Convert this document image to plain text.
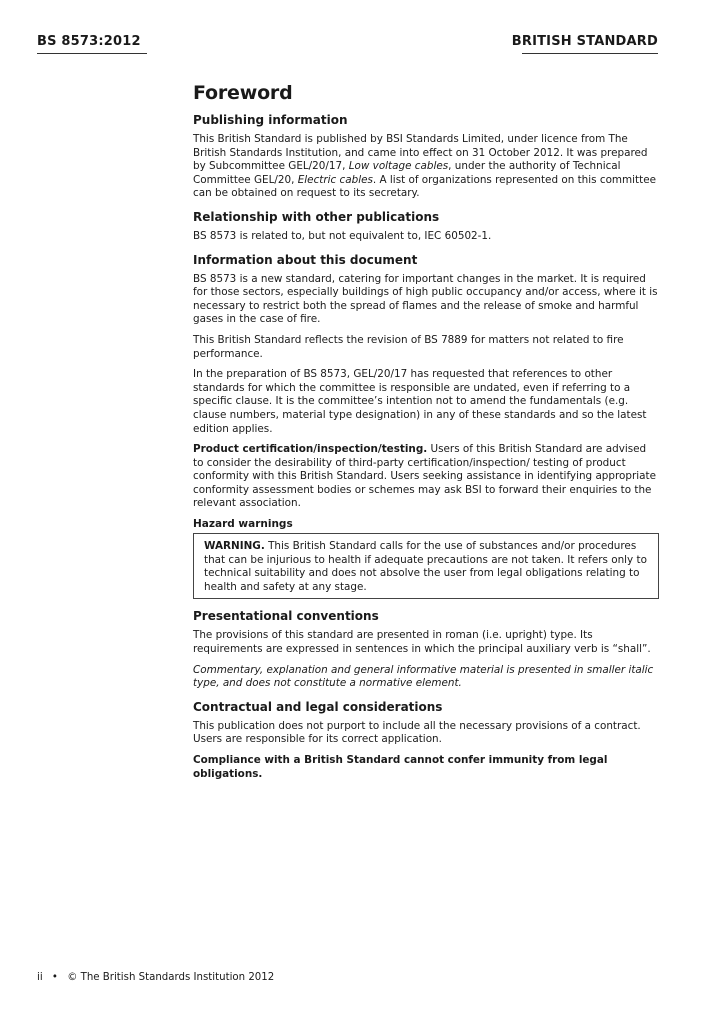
BS 8573:2012	BRITISH STANDARD
Foreword
Publishing information

This British Standard is published by BSI Standards Limited, under licence from The British Standards Institution, and came into effect on 31 October 2012. It was prepared by Subcommittee GEL/20/17, Low voltage cables, under the authority of Technical Committee GEL/20, Electric cables. A list of organizations represented on this committee can be obtained on request to its secretary.

Relationship with other publications

BS 8573 is related to, but not equivalent to, IEC 60502-1.

Information about this document

BS 8573 is a new standard, catering for important changes in the market. It is required for those sectors, especially buildings of high public occupancy and/or access, where it is necessary to restrict both the spread of flames and the release of smoke and harmful gases in the case of fire.

This British Standard reflects the revision of BS 7889 for matters not related to fire performance.

In the preparation of BS 8573, GEL/20/17 has requested that references to other standards for which the committee is responsible are undated, even if referring to a specific clause. It is the committee’s intention not to amend the fundamentals (e.g. clause numbers, material type designation) in any of these standards and so the latest edition applies.

Product certification/inspection/testing. Users of this British Standard are advised to consider the desirability of third-party certification/inspection/ testing of product conformity with this British Standard. Users seeking assistance in identifying appropriate conformity assessment bodies or schemes may ask BSI to forward their enquiries to the relevant association.

Hazard warnings

WARNING. This British Standard calls for the use of substances and/or procedures that can be injurious to health if adequate precautions are not taken. It refers only to technical suitability and does not absolve the user from legal obligations relating to health and safety at any stage.

Presentational conventions

The provisions of this standard are presented in roman (i.e. upright) type. Its requirements are expressed in sentences in which the principal auxiliary verb is “shall”.

Commentary, explanation and general informative material is presented in smaller italic type, and does not constitute a normative element.

Contractual and legal considerations

This publication does not purport to include all the necessary provisions of a contract. Users are responsible for its correct application.

Compliance with a British Standard cannot confer immunity from legal obligations.

ii • © The British Standards Institution 2012
